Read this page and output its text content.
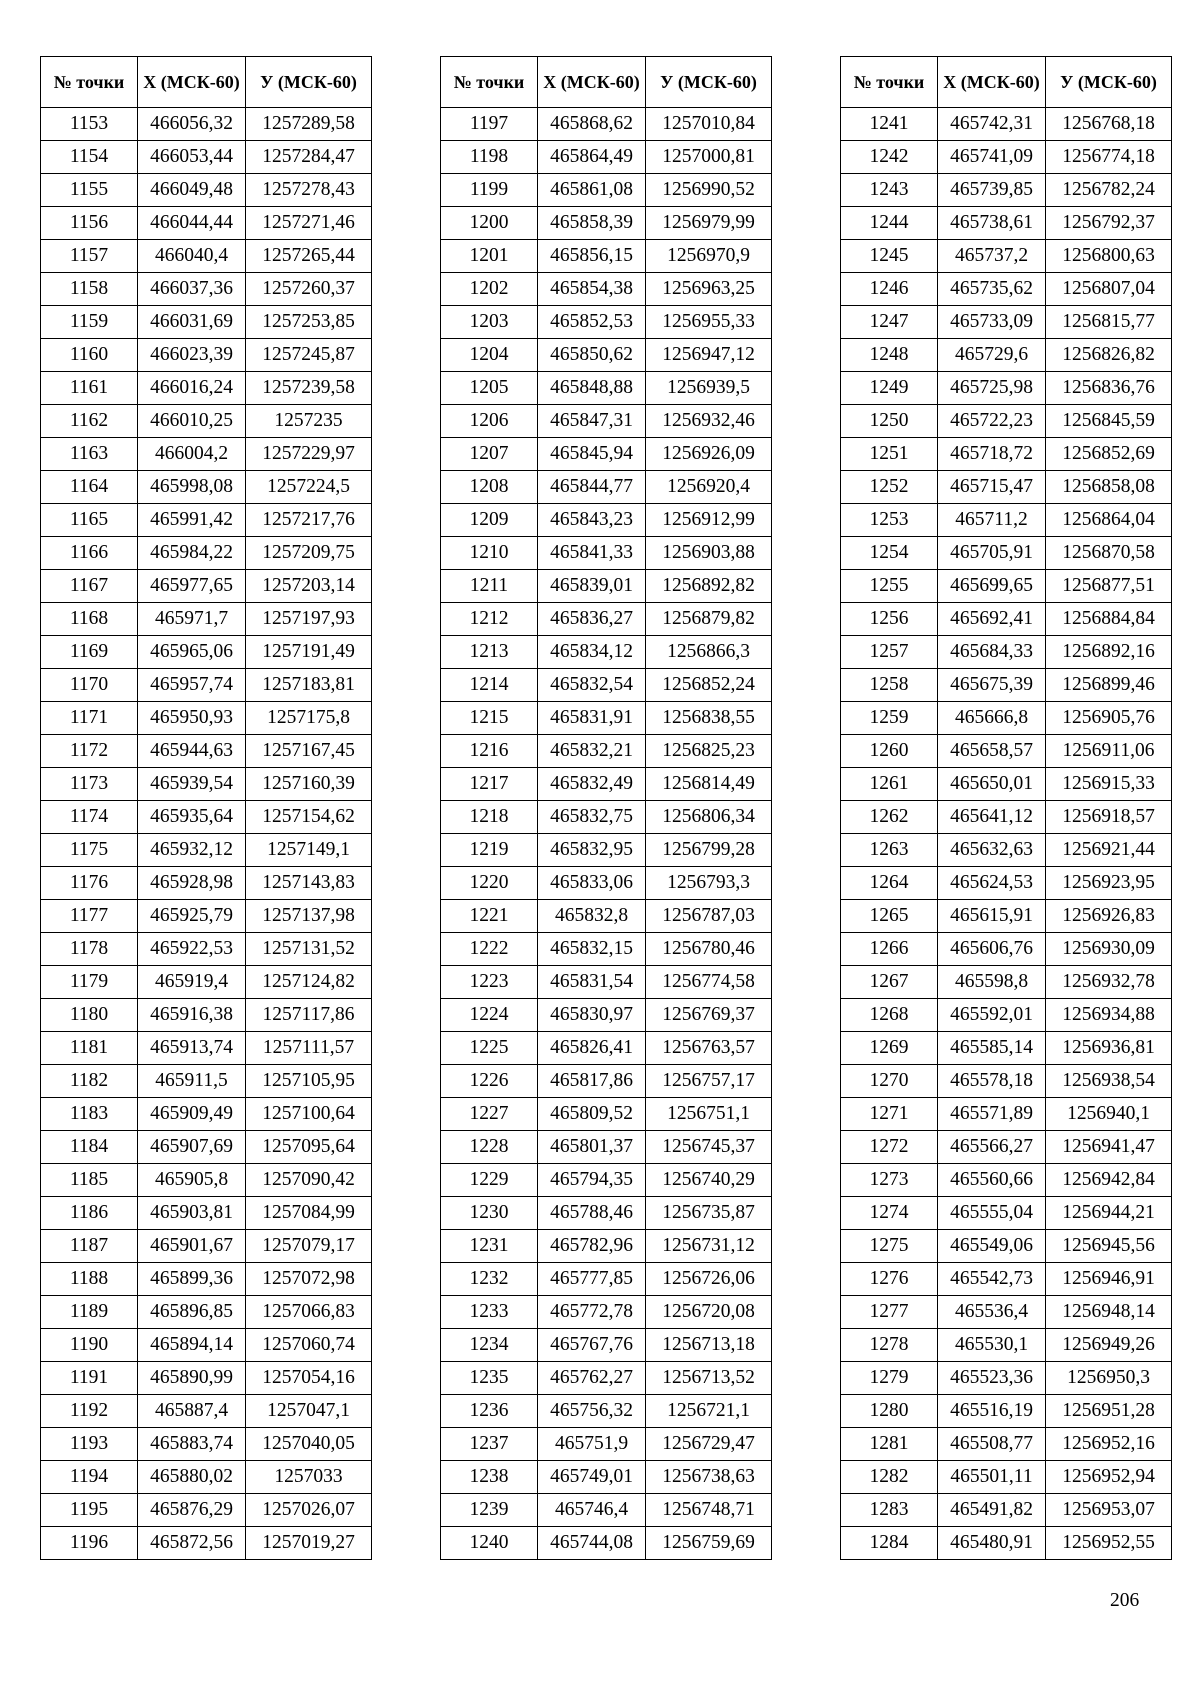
№ точки	X (МСК-60)	У (МСК-60)
1153	466056,32	1257289,58
1154	466053,44	1257284,47
1155	466049,48	1257278,43
1156	466044,44	1257271,46
1157	466040,4	1257265,44
1158	466037,36	1257260,37
1159	466031,69	1257253,85
1160	466023,39	1257245,87
1161	466016,24	1257239,58
1162	466010,25	1257235
1163	466004,2	1257229,97
1164	465998,08	1257224,5
1165	465991,42	1257217,76
1166	465984,22	1257209,75
1167	465977,65	1257203,14
1168	465971,7	1257197,93
1169	465965,06	1257191,49
1170	465957,74	1257183,81
1171	465950,93	1257175,8
1172	465944,63	1257167,45
1173	465939,54	1257160,39
1174	465935,64	1257154,62
1175	465932,12	1257149,1
1176	465928,98	1257143,83
1177	465925,79	1257137,98
1178	465922,53	1257131,52
1179	465919,4	1257124,82
1180	465916,38	1257117,86
1181	465913,74	1257111,57
1182	465911,5	1257105,95
1183	465909,49	1257100,64
1184	465907,69	1257095,64
1185	465905,8	1257090,42
1186	465903,81	1257084,99
1187	465901,67	1257079,17
1188	465899,36	1257072,98
1189	465896,85	1257066,83
1190	465894,14	1257060,74
1191	465890,99	1257054,16
1192	465887,4	1257047,1
1193	465883,74	1257040,05
1194	465880,02	1257033
1195	465876,29	1257026,07
1196	465872,56	1257019,27
№ точки	X (МСК-60)	У (МСК-60)
1197	465868,62	1257010,84
1198	465864,49	1257000,81
1199	465861,08	1256990,52
1200	465858,39	1256979,99
1201	465856,15	1256970,9
1202	465854,38	1256963,25
1203	465852,53	1256955,33
1204	465850,62	1256947,12
1205	465848,88	1256939,5
1206	465847,31	1256932,46
1207	465845,94	1256926,09
1208	465844,77	1256920,4
1209	465843,23	1256912,99
1210	465841,33	1256903,88
1211	465839,01	1256892,82
1212	465836,27	1256879,82
1213	465834,12	1256866,3
1214	465832,54	1256852,24
1215	465831,91	1256838,55
1216	465832,21	1256825,23
1217	465832,49	1256814,49
1218	465832,75	1256806,34
1219	465832,95	1256799,28
1220	465833,06	1256793,3
1221	465832,8	1256787,03
1222	465832,15	1256780,46
1223	465831,54	1256774,58
1224	465830,97	1256769,37
1225	465826,41	1256763,57
1226	465817,86	1256757,17
1227	465809,52	1256751,1
1228	465801,37	1256745,37
1229	465794,35	1256740,29
1230	465788,46	1256735,87
1231	465782,96	1256731,12
1232	465777,85	1256726,06
1233	465772,78	1256720,08
1234	465767,76	1256713,18
1235	465762,27	1256713,52
1236	465756,32	1256721,1
1237	465751,9	1256729,47
1238	465749,01	1256738,63
1239	465746,4	1256748,71
1240	465744,08	1256759,69
№ точки	X (МСК-60)	У (МСК-60)
1241	465742,31	1256768,18
1242	465741,09	1256774,18
1243	465739,85	1256782,24
1244	465738,61	1256792,37
1245	465737,2	1256800,63
1246	465735,62	1256807,04
1247	465733,09	1256815,77
1248	465729,6	1256826,82
1249	465725,98	1256836,76
1250	465722,23	1256845,59
1251	465718,72	1256852,69
1252	465715,47	1256858,08
1253	465711,2	1256864,04
1254	465705,91	1256870,58
1255	465699,65	1256877,51
1256	465692,41	1256884,84
1257	465684,33	1256892,16
1258	465675,39	1256899,46
1259	465666,8	1256905,76
1260	465658,57	1256911,06
1261	465650,01	1256915,33
1262	465641,12	1256918,57
1263	465632,63	1256921,44
1264	465624,53	1256923,95
1265	465615,91	1256926,83
1266	465606,76	1256930,09
1267	465598,8	1256932,78
1268	465592,01	1256934,88
1269	465585,14	1256936,81
1270	465578,18	1256938,54
1271	465571,89	1256940,1
1272	465566,27	1256941,47
1273	465560,66	1256942,84
1274	465555,04	1256944,21
1275	465549,06	1256945,56
1276	465542,73	1256946,91
1277	465536,4	1256948,14
1278	465530,1	1256949,26
1279	465523,36	1256950,3
1280	465516,19	1256951,28
1281	465508,77	1256952,16
1282	465501,11	1256952,94
1283	465491,82	1256953,07
1284	465480,91	1256952,55
206
